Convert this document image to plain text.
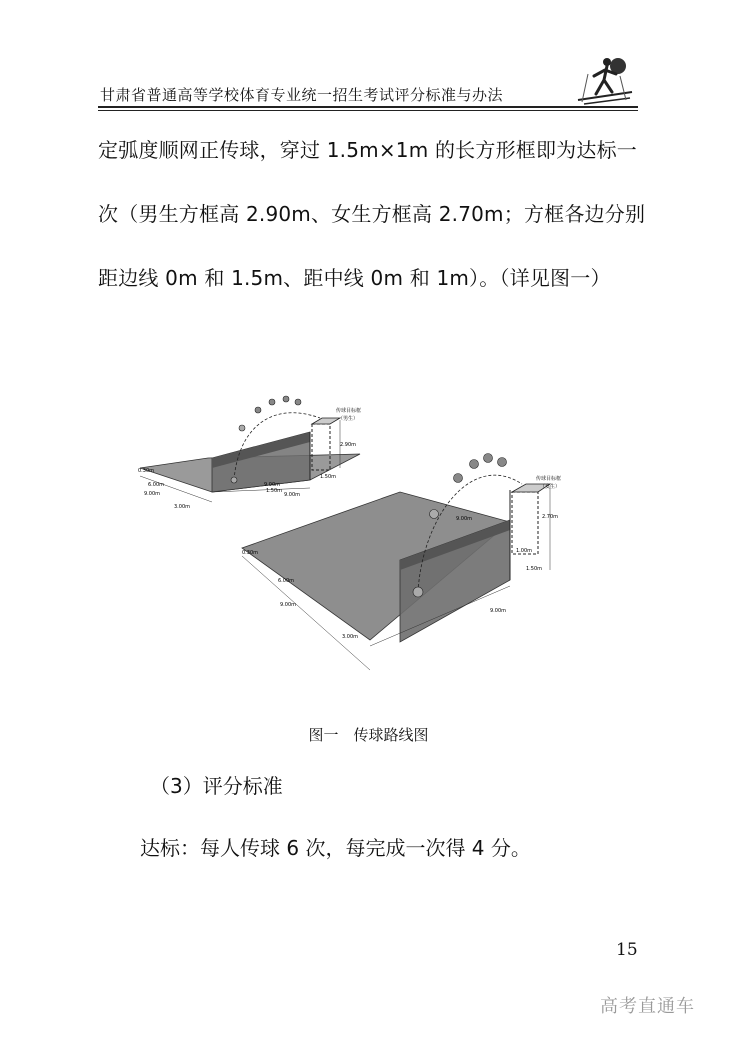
甘肃省普通高等学校体育专业统一招生考试评分标准与办法
定弧度顺网正传球，穿过 1.5m×1m 的长方形框即为达标一
次（男生方框高 2.90m、女生方框高 2.70m；方框各边分别
距边线 0m 和 1.5m、距中线 0m 和 1m）。（详见图一）
0.30m
6.00m
9.00m
3.00m
9.00m
9.00m
1.50m
2.90m
1.50m
传球目标框
（男生）
0.30m
6.00m
9.00m
3.00m
9.00m
9.00m
2.70m
1.00m
1.50m
传球目标框
（女生）
图一　传球路线图
（3）评分标准
达标：每人传球 6 次，每完成一次得 4 分。
15
高考直通车
